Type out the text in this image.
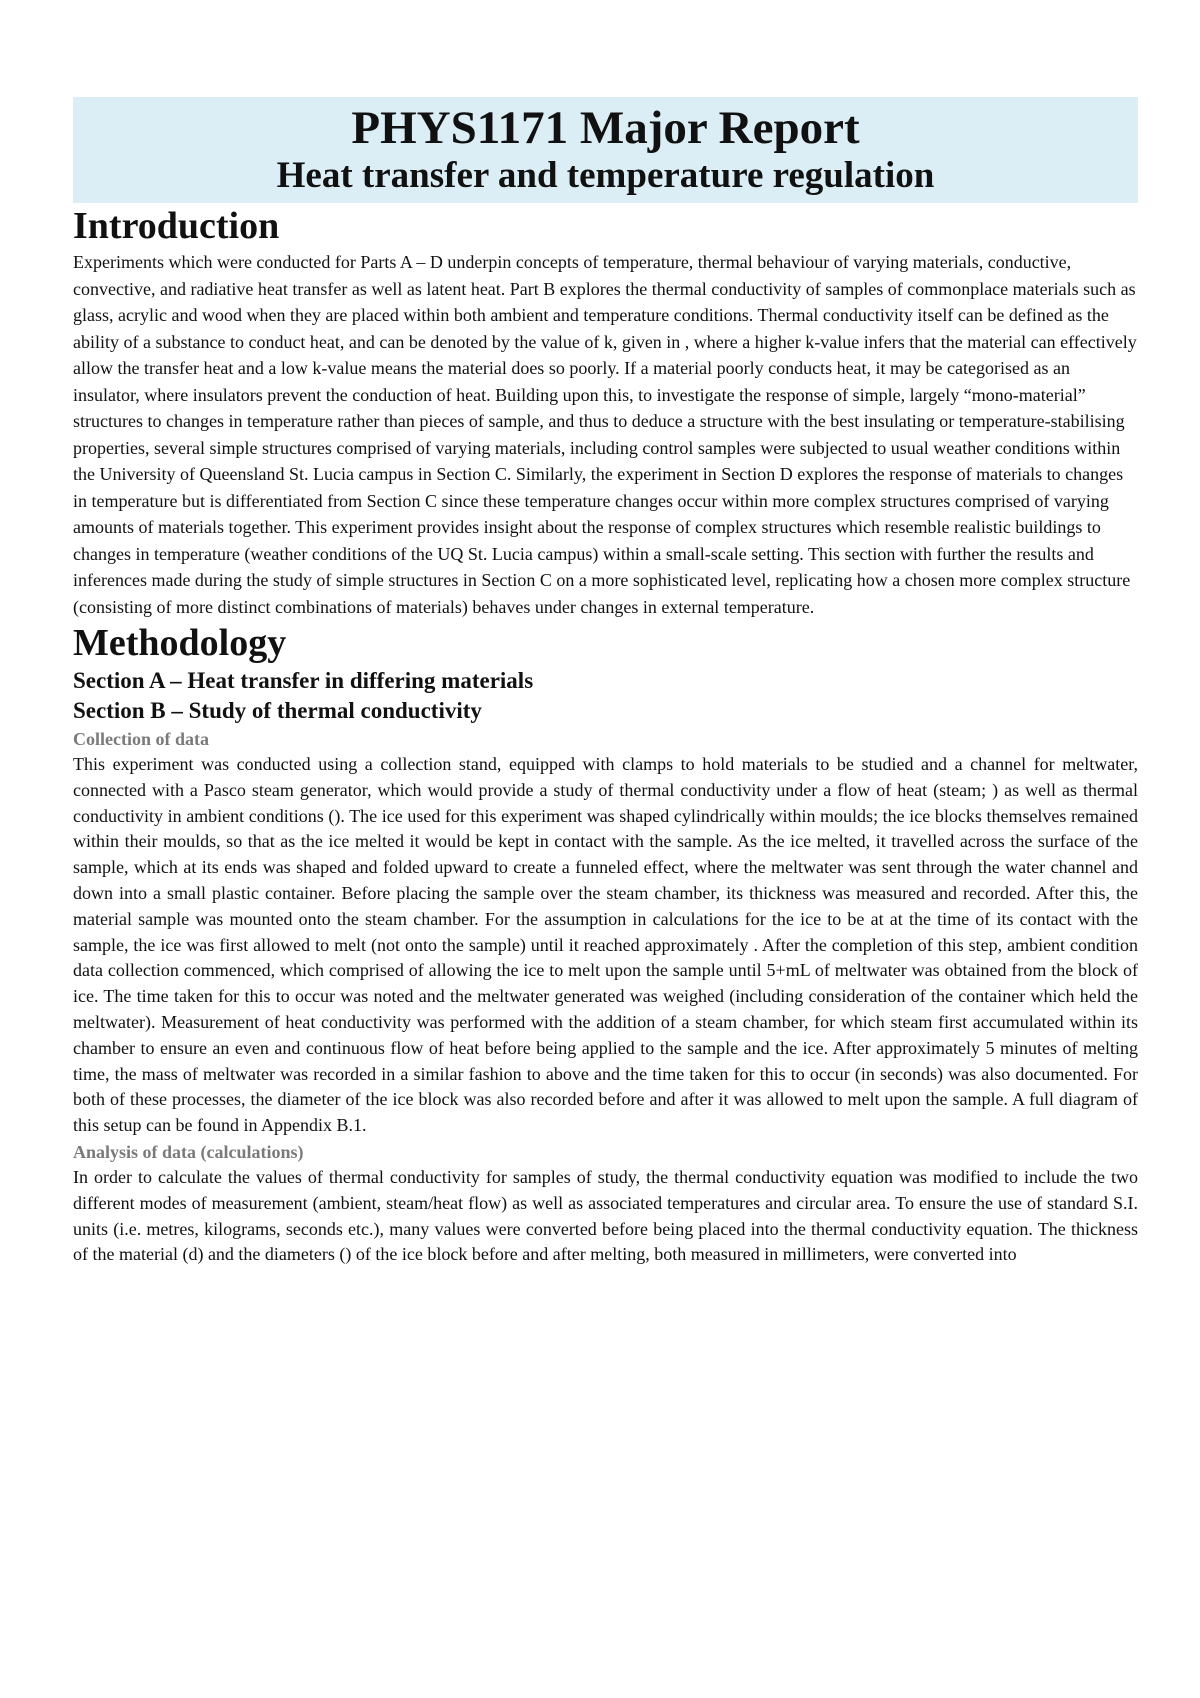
PHYS1171 Major Report
Heat transfer and temperature regulation
Introduction

Experiments which were conducted for Parts A – D underpin concepts of temperature, thermal behaviour of varying materials, conductive, convective, and radiative heat transfer as well as latent heat. Part B explores the thermal conductivity of samples of commonplace materials such as glass, acrylic and wood when they are placed within both ambient and temperature conditions. Thermal conductivity itself can be defined as the ability of a substance to conduct heat, and can be denoted by the value of k, given in , where a higher k-value infers that the material can effectively allow the transfer heat and a low k-value means the material does so poorly. If a material poorly conducts heat, it may be categorised as an insulator, where insulators prevent the conduction of heat. Building upon this, to investigate the response of simple, largely “mono-material” structures to changes in temperature rather than pieces of sample, and thus to deduce a structure with the best insulating or temperature-stabilising properties, several simple structures comprised of varying materials, including control samples were subjected to usual weather conditions within the University of Queensland St. Lucia campus in Section C. Similarly, the experiment in Section D explores the response of materials to changes in temperature but is differentiated from Section C since these temperature changes occur within more complex structures comprised of varying amounts of materials together. This experiment provides insight about the response of complex structures which resemble realistic buildings to changes in temperature (weather conditions of the UQ St. Lucia campus) within a small-scale setting. This section with further the results and inferences made during the study of simple structures in Section C on a more sophisticated level, replicating how a chosen more complex structure (consisting of more distinct combinations of materials) behaves under changes in external temperature.

Methodology
Section A – Heat transfer in differing materials
Section B – Study of thermal conductivity
Collection of data

This experiment was conducted using a collection stand, equipped with clamps to hold materials to be studied and a channel for meltwater, connected with a Pasco steam generator, which would provide a study of thermal conductivity under a flow of heat (steam; ) as well as thermal conductivity in ambient conditions (). The ice used for this experiment was shaped cylindrically within moulds; the ice blocks themselves remained within their moulds, so that as the ice melted it would be kept in contact with the sample. As the ice melted, it travelled across the surface of the sample, which at its ends was shaped and folded upward to create a funneled effect, where the meltwater was sent through the water channel and down into a small plastic container. Before placing the sample over the steam chamber, its thickness was measured and recorded. After this, the material sample was mounted onto the steam chamber. For the assumption in calculations for the ice to be at at the time of its contact with the sample, the ice was first allowed to melt (not onto the sample) until it reached approximately . After the completion of this step, ambient condition data collection commenced, which comprised of allowing the ice to melt upon the sample until 5+mL of meltwater was obtained from the block of ice. The time taken for this to occur was noted and the meltwater generated was weighed (including consideration of the container which held the meltwater). Measurement of heat conductivity was performed with the addition of a steam chamber, for which steam first accumulated within its chamber to ensure an even and continuous flow of heat before being applied to the sample and the ice. After approximately 5 minutes of melting time, the mass of meltwater was recorded in a similar fashion to above and the time taken for this to occur (in seconds) was also documented. For both of these processes, the diameter of the ice block was also recorded before and after it was allowed to melt upon the sample. A full diagram of this setup can be found in Appendix B.1.

Analysis of data (calculations)

In order to calculate the values of thermal conductivity for samples of study, the thermal conductivity equation was modified to include the two different modes of measurement (ambient, steam/heat flow) as well as associated temperatures and circular area. To ensure the use of standard S.I. units (i.e. metres, kilograms, seconds etc.), many values were converted before being placed into the thermal conductivity equation. The thickness of the material (d) and the diameters () of the ice block before and after melting, both measured in millimeters, were converted into
